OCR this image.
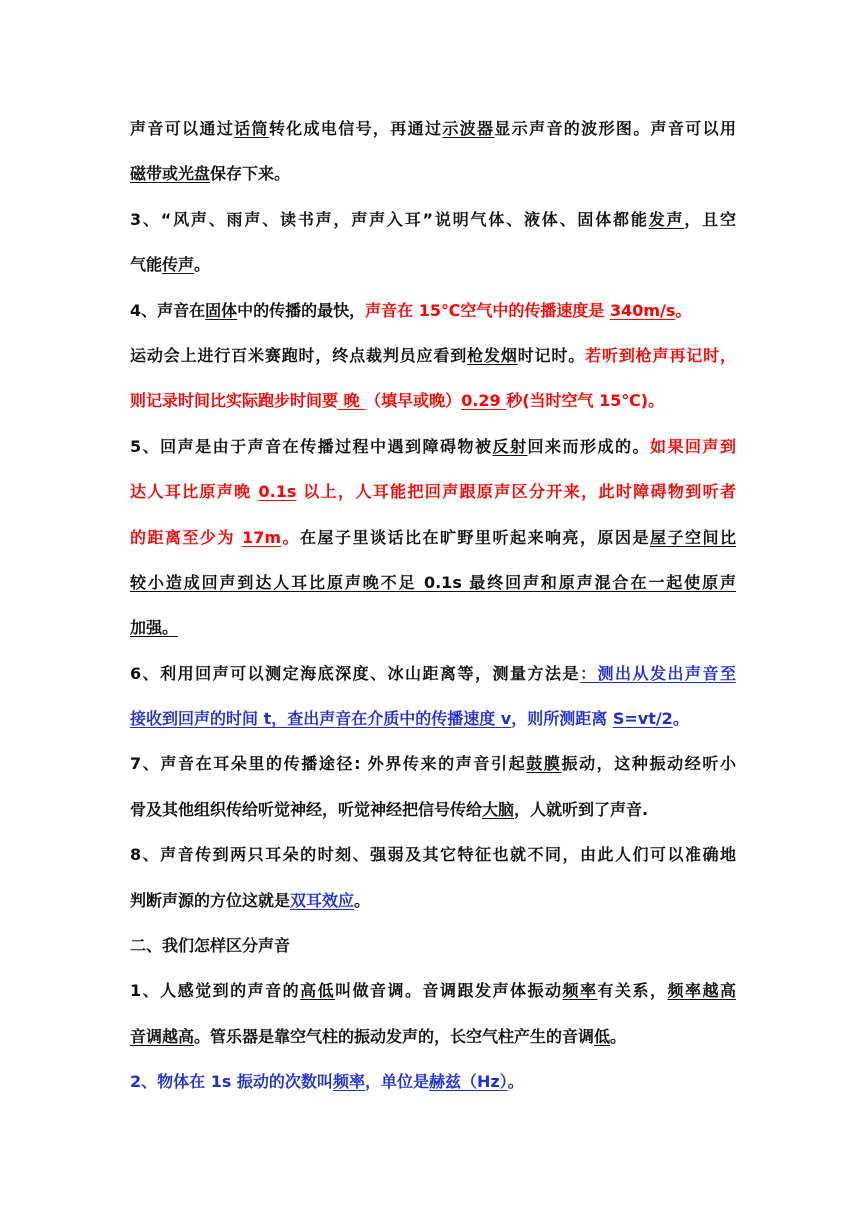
声音可以通过话筒转化成电信号，再通过示波器显示声音的波形图。声音可以用
磁带或光盘保存下来。
3、“风声、雨声、读书声，声声入耳”说明气体、液体、固体都能发声，且空
气能传声。
4、声音在固体中的传播的最快，声音在 15℃空气中的传播速度是 340m/s。
运动会上进行百米赛跑时，终点裁判员应看到枪发烟时记时。若听到枪声再记时，
则记录时间比实际跑步时间要 晚 （填早或晚）0.29 秒(当时空气 15℃)。
5、回声是由于声音在传播过程中遇到障碍物被反射回来而形成的。如果回声到
达人耳比原声晚 0.1s 以上，人耳能把回声跟原声区分开来，此时障碍物到听者
的距离至少为 17m。在屋子里谈话比在旷野里听起来响亮，原因是屋子空间比
较小造成回声到达人耳比原声晚不足 0.1s 最终回声和原声混合在一起使原声
加强。
6、利用回声可以测定海底深度、冰山距离等，测量方法是：测出从发出声音至
接收到回声的时间 t，查出声音在介质中的传播速度 v，则所测距离 S=vt/2。
7、声音在耳朵里的传播途径: 外界传来的声音引起鼓膜振动，这种振动经听小
骨及其他组织传给听觉神经，听觉神经把信号传给大脑，人就听到了声音.
8、声音传到两只耳朵的时刻、强弱及其它特征也就不同，由此人们可以准确地
判断声源的方位这就是双耳效应。
二、我们怎样区分声音
1、人感觉到的声音的高低叫做音调。音调跟发声体振动频率有关系，频率越高
音调越高。管乐器是靠空气柱的振动发声的，长空气柱产生的音调低。
2、物体在 1s 振动的次数叫频率，单位是赫兹（Hz）。
